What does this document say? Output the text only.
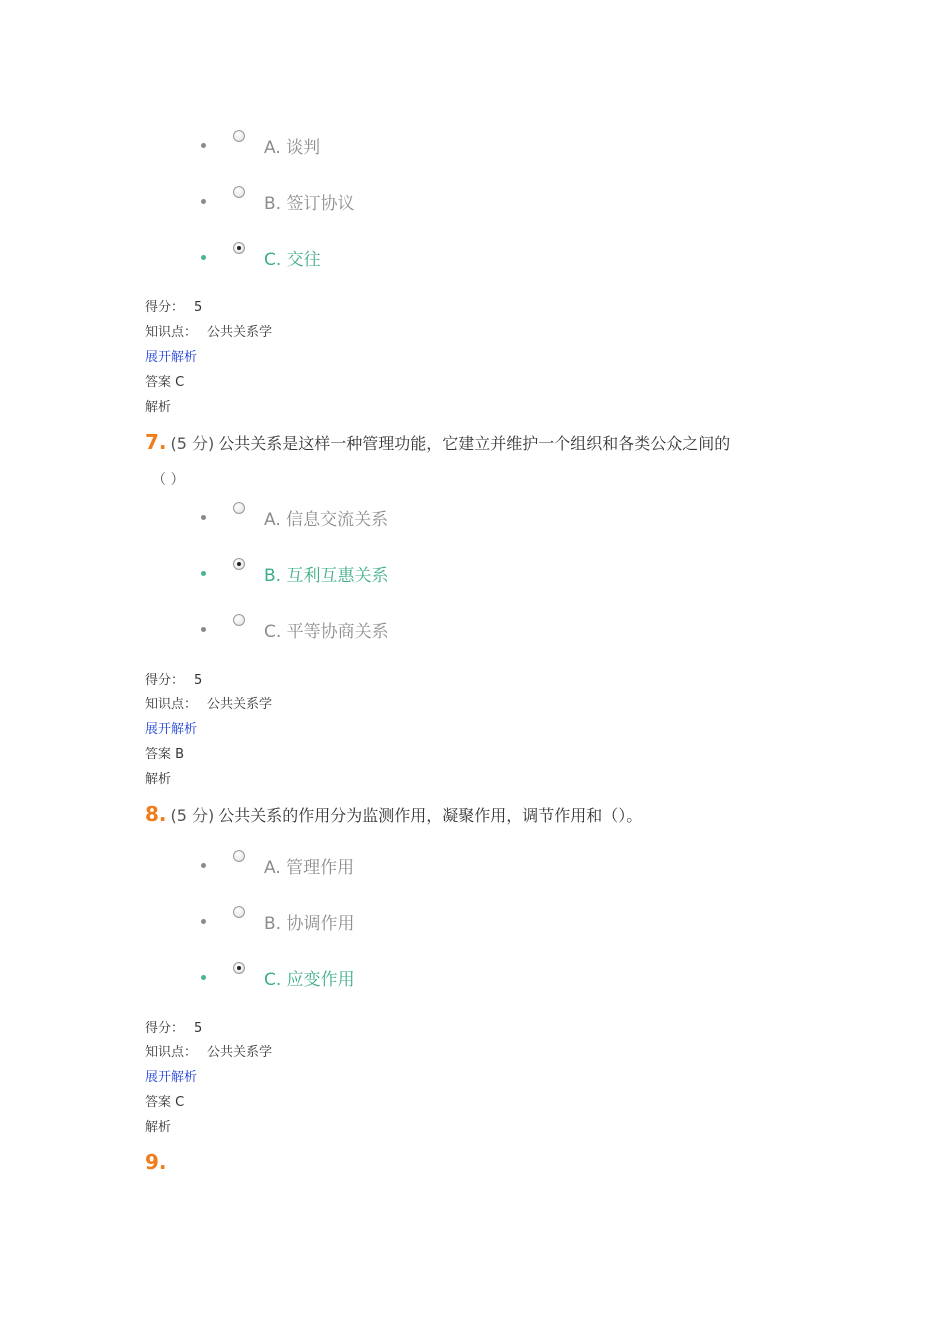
A. 谈判
B. 签订协议
C. 交往
得分： 5
知识点： 公共关系学
展开解析
答案 C
解析
7. (5 分) 公共关系是这样一种管理功能，它建立并维护一个组织和各类公众之间的
（ ）
A. 信息交流关系
B. 互利互惠关系
C. 平等协商关系
得分： 5
知识点： 公共关系学
展开解析
答案 B
解析
8. (5 分) 公共关系的作用分为监测作用，凝聚作用，调节作用和（）。
A. 管理作用
B. 协调作用
C. 应变作用
得分： 5
知识点： 公共关系学
展开解析
答案 C
解析
9.
